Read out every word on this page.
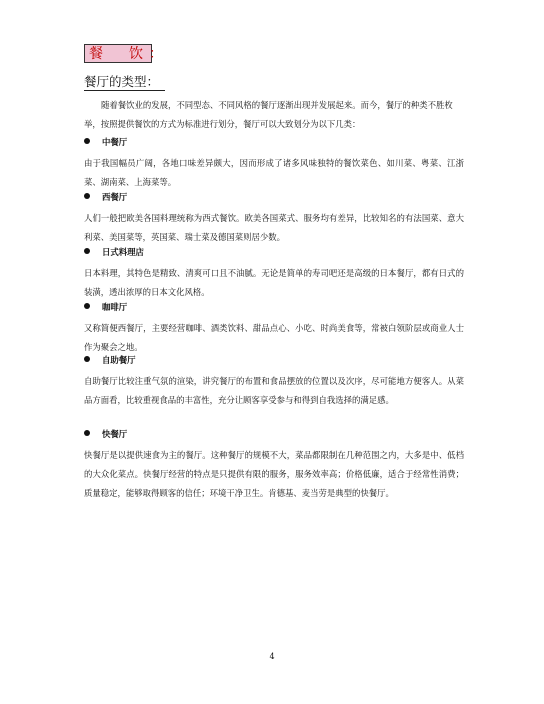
餐　饮：
餐厅的类型：

随着餐饮业的发展，不同型态、不同风格的餐厅逐渐出现并发展起来。而今，餐厅的种类不胜枚举，按照提供餐饮的方式为标准进行划分，餐厅可以大致划分为以下几类：

中餐厅

由于我国幅员广阔，各地口味差异颇大，因而形成了诸多风味独特的餐饮菜色、如川菜、粤菜、江浙菜、湖南菜、上海菜等。

西餐厅

人们一般把欧美各国料理统称为西式餐饮。欧美各国菜式、服务均有差异，比较知名的有法国菜、意大利菜、美国菜等，英国菜、瑞士菜及德国菜则居少数。

日式料理店

日本料理，其特色是精致、清爽可口且不油腻。无论是简单的寿司吧还是高级的日本餐厅，都有日式的装潢，透出浓厚的日本文化风格。

咖啡厅

又称简便西餐厅，主要经营咖啡、酒类饮料、甜品点心、小吃、时尚美食等，常被白领阶层或商业人士作为聚会之地。

自助餐厅

自助餐厅比较注重气氛的渲染，讲究餐厅的布置和食品摆放的位置以及次序，尽可能地方便客人。从菜品方面看，比较重视食品的丰富性，充分让顾客享受参与和得到自我选择的满足感。

快餐厅

快餐厅是以提供速食为主的餐厅。这种餐厅的规模不大，菜品都限制在几种范围之内，大多是中、低档的大众化菜点。快餐厅经营的特点是只提供有限的服务，服务效率高；价格低廉，适合于经常性消费；质量稳定，能够取得顾客的信任；环境干净卫生。肯德基、麦当劳是典型的快餐厅。

4
